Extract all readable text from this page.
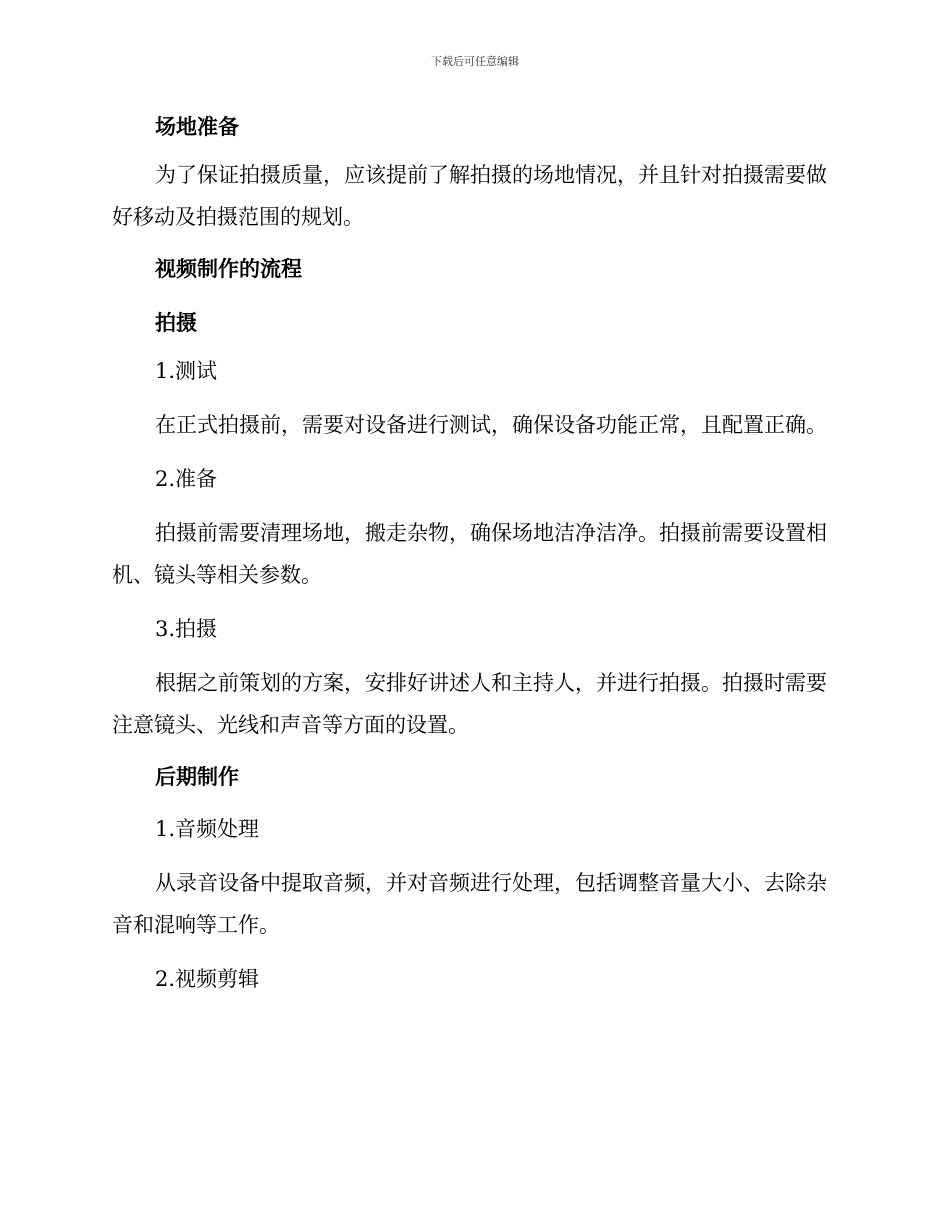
下载后可任意编辑

场地准备

为了保证拍摄质量，应该提前了解拍摄的场地情况，并且针对拍摄需要做好移动及拍摄范围的规划。

视频制作的流程

拍摄

1.测试

在正式拍摄前，需要对设备进行测试，确保设备功能正常，且配置正确。

2.准备

拍摄前需要清理场地，搬走杂物，确保场地洁净洁净。拍摄前需要设置相机、镜头等相关参数。

3.拍摄

根据之前策划的方案，安排好讲述人和主持人，并进行拍摄。拍摄时需要注意镜头、光线和声音等方面的设置。

后期制作

1.音频处理

从录音设备中提取音频，并对音频进行处理，包括调整音量大小、去除杂音和混响等工作。

2.视频剪辑
